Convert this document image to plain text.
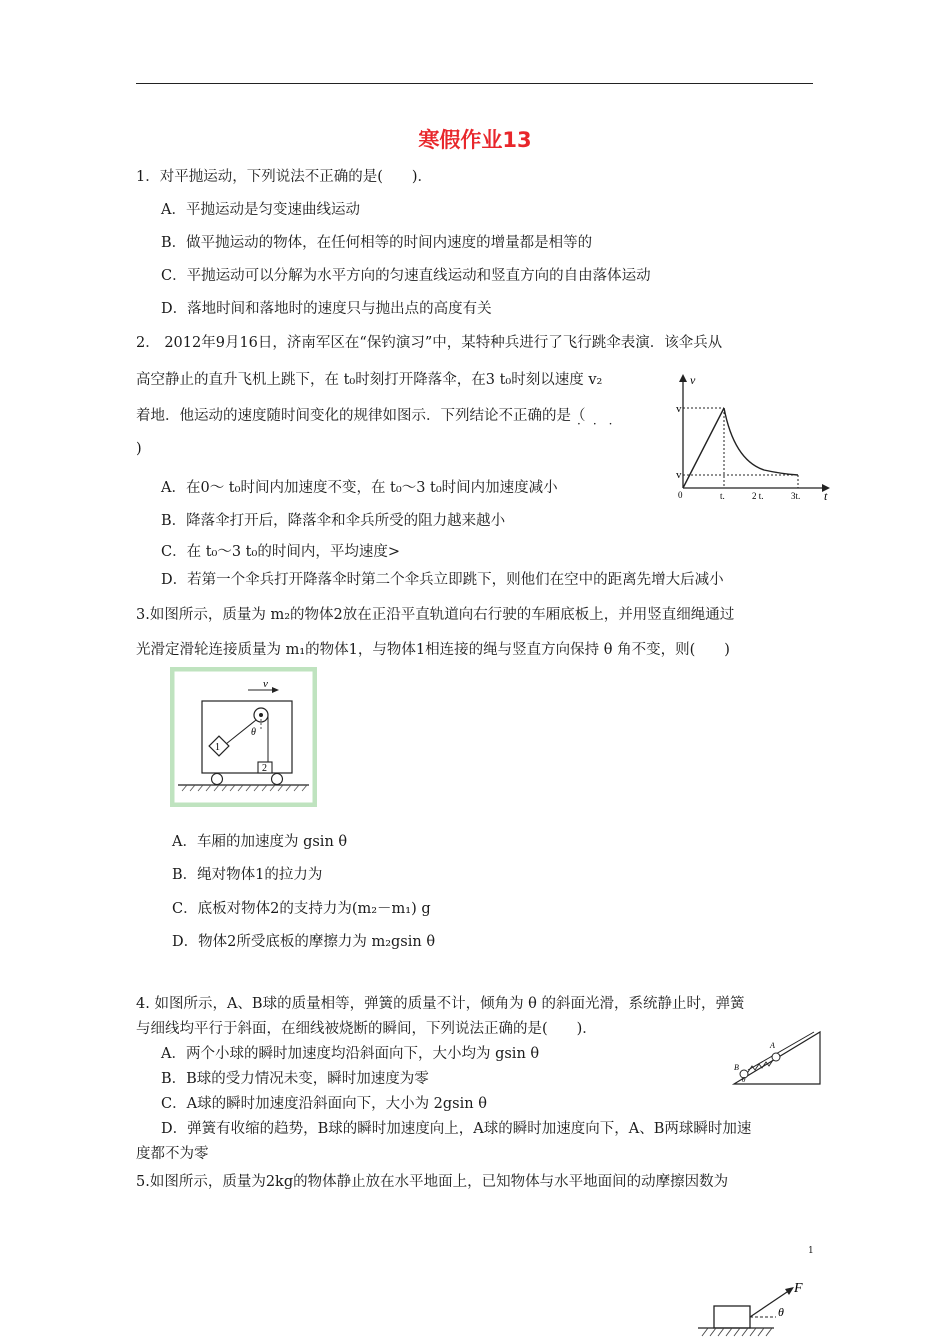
寒假作业13
1．对平抛运动，下列说法不正确的是(　　)．
A．平抛运动是匀变速曲线运动
B．做平抛运动的物体，在任何相等的时间内速度的增量都是相等的
C．平抛运动可以分解为水平方向的匀速直线运动和竖直方向的自由落体运动
D．落地时间和落地时的速度只与抛出点的高度有关
2． 2012年9月16日，济南军区在“保钓演习”中，某特种兵进行了飞行跳伞表演．该伞兵从
高空静止的直升飞机上跳下，在 t₀时刻打开降落伞，在3 t₀时刻以速度 v₂
着地．他运动的速度随时间变化的规律如图示．下列结论不正确的是（
···
)
A．在0～ t₀时间内加速度不变，在 t₀～3 t₀时间内加速度减小
B．降落伞打开后，降落伞和伞兵所受的阻力越来越小
C．在 t₀～3 t₀的时间内，平均速度>
D．若第一个伞兵打开降落伞时第二个伞兵立即跳下，则他们在空中的距离先增大后减小
v
t
v
v
0	t.	2 t.	3t.
3.如图所示，质量为 m₂的物体2放在正沿平直轨道向右行驶的车厢底板上，并用竖直细绳通过
光滑定滑轮连接质量为 m₁的物体1，与物体1相连接的绳与竖直方向保持 θ 角不变，则(　　)
v
θ
1
2
A．车厢的加速度为 gsin θ
B．绳对物体1的拉力为
C．底板对物体2的支持力为(m₂－m₁) g
D．物体2所受底板的摩擦力为 m₂gsin θ
4. 如图所示，A、B球的质量相等，弹簧的质量不计，倾角为 θ 的斜面光滑，系统静止时，弹簧
与细线均平行于斜面，在细线被烧断的瞬间，下列说法正确的是(　　)．
A．两个小球的瞬时加速度均沿斜面向下，大小均为 gsin θ
B．B球的受力情况未变，瞬时加速度为零
C．A球的瞬时加速度沿斜面向下，大小为 2gsin θ
D．弹簧有收缩的趋势，B球的瞬时加速度向上，A球的瞬时加速度向下，A、B两球瞬时加速
度都不为零
B
A
θ
5.如图所示，质量为2kg的物体静止放在水平地面上，已知物体与水平地面间的动摩擦因数为
1
F
θ
